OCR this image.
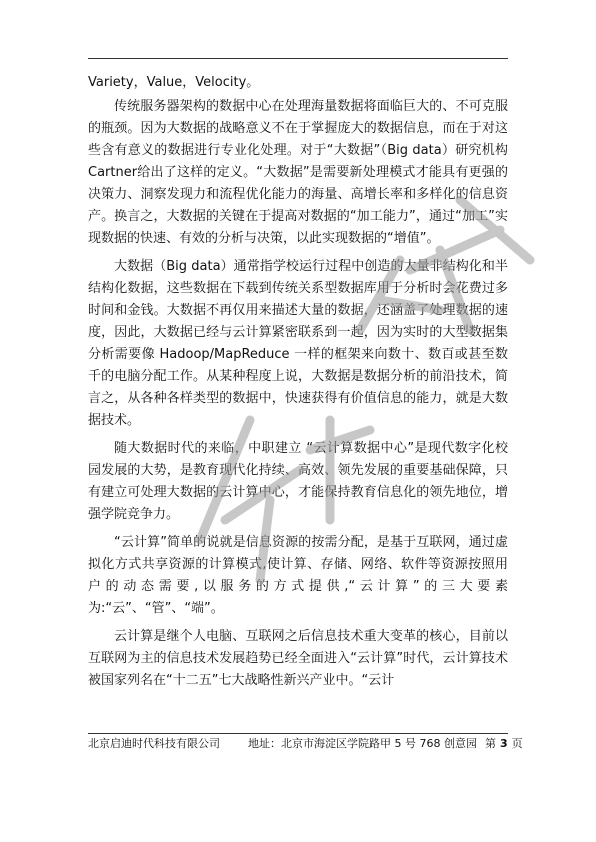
Variety，Value，Velocity。

传统服务器架构的数据中心在处理海量数据将面临巨大的、不可克服的瓶颈。因为大数据的战略意义不在于掌握庞大的数据信息，而在于对这些含有意义的数据进行专业化处理。对于“大数据”（Big data）研究机构Cartner给出了这样的定义。“大数据”是需要新处理模式才能具有更强的决策力、洞察发现力和流程优化能力的海量、高增长率和多样化的信息资产。换言之，大数据的关键在于提高对数据的“加工能力”，通过“加工”实现数据的快速、有效的分析与决策，以此实现数据的“增值”。

大数据（Big data）通常指学校运行过程中创造的大量非结构化和半结构化数据，这些数据在下载到传统关系型数据库用于分析时会花费过多时间和金钱。大数据不再仅用来描述大量的数据，还涵盖了处理数据的速度，因此，大数据已经与云计算紧密联系到一起，因为实时的大型数据集分析需要像 Hadoop/MapReduce 一样的框架来向数十、数百或甚至数千的电脑分配工作。从某种程度上说，大数据是数据分析的前沿技术，简言之，从各种各样类型的数据中，快速获得有价值信息的能力，就是大数据技术。

随大数据时代的来临，中职建立 “云计算数据中心”是现代数字化校园发展的大势，是教育现代化持续、高效、领先发展的重要基础保障，只有建立可处理大数据的云计算中心，才能保持教育信息化的领先地位，增强学院竞争力。

“云计算”简单的说就是信息资源的按需分配，是基于互联网，通过虚拟化方式共享资源的计算模式,使计算、存储、网络、软件等资源按照用户的动态需要,以服务的方式提供,“云计算”的三大要素为:“云”、“管”、“端”。

云计算是继个人电脑、互联网之后信息技术重大变革的核心，目前以互联网为主的信息技术发展趋势已经全面进入“云计算”时代，云计算技术被国家列名在“十二五”七大战略性新兴产业中。“云计

北京启迪时代科技有限公司	地址：北京市海淀区学院路甲 5 号 768 创意园 第 3 页
